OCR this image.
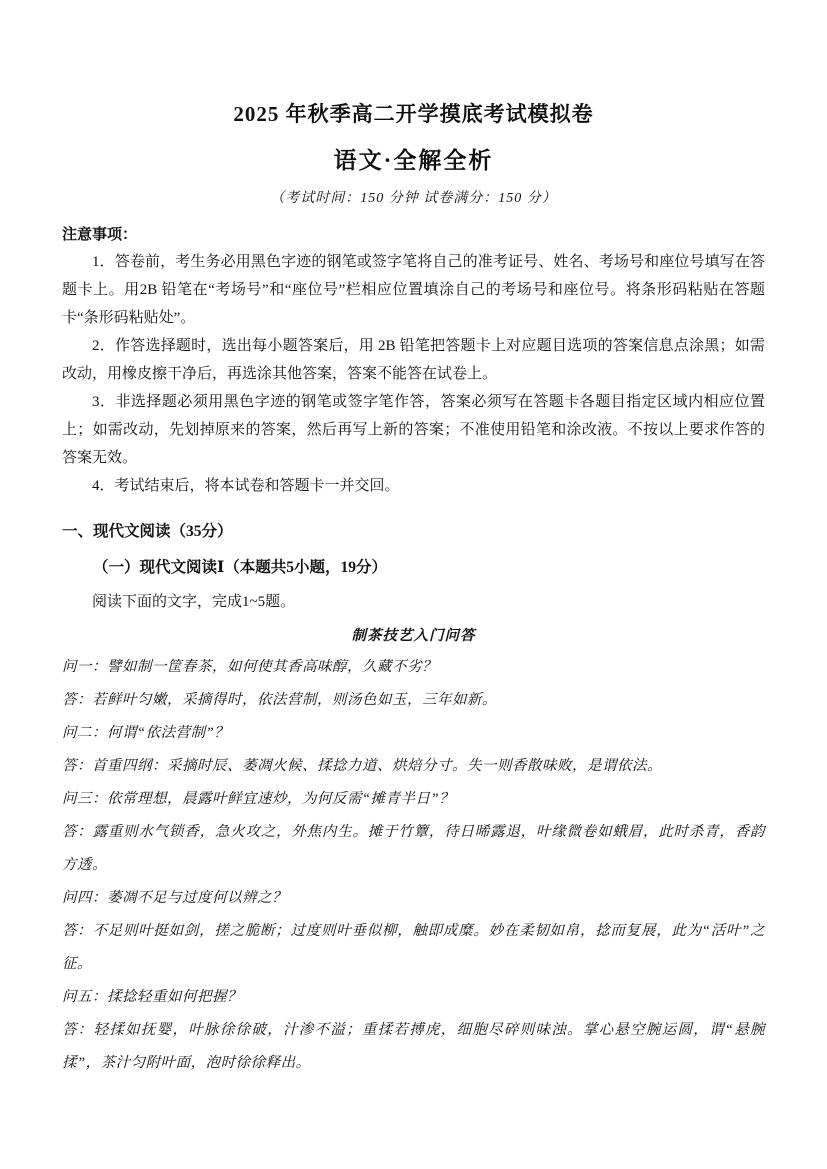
2025 年秋季高二开学摸底考试模拟卷
语文·全解全析

（考试时间：150 分钟 试卷满分：150 分）

注意事项：

1．答卷前，考生务必用黑色字迹的钢笔或签字笔将自己的准考证号、姓名、考场号和座位号填写在答题卡上。用2B 铅笔在“考场号”和“座位号”栏相应位置填涂自己的考场号和座位号。将条形码粘贴在答题卡“条形码粘贴处”。

2．作答选择题时，选出每小题答案后，用 2B 铅笔把答题卡上对应题目选项的答案信息点涂黑；如需改动，用橡皮擦干净后，再选涂其他答案，答案不能答在试卷上。

3．非选择题必须用黑色字迹的钢笔或签字笔作答，答案必须写在答题卡各题目指定区域内相应位置上；如需改动，先划掉原来的答案，然后再写上新的答案；不准使用铅笔和涂改液。不按以上要求作答的答案无效。

4．考试结束后，将本试卷和答题卡一并交回。

一、现代文阅读（35分）

（一）现代文阅读Ⅰ（本题共5小题，19分）

阅读下面的文字，完成1~5题。

制茶技艺入门问答

问一：譬如制一筐春茶，如何使其香高味醇，久藏不劣？

答：若鲜叶匀嫩，采摘得时，依法营制，则汤色如玉，三年如新。

问二：何谓“依法营制”？

答：首重四纲：采摘时辰、萎凋火候、揉捻力道、烘焙分寸。失一则香散味败，是谓依法。

问三：依常理想，晨露叶鲜宜速炒，为何反需“摊青半日”？

答：露重则水气锁香，急火攻之，外焦内生。摊于竹簟，待日晞露退，叶缘微卷如蛾眉，此时杀青，香韵方透。

问四：萎凋不足与过度何以辨之？

答：不足则叶挺如剑，搓之脆断；过度则叶垂似柳，触即成糜。妙在柔韧如帛，捻而复展，此为“活叶”之征。

问五：揉捻轻重如何把握？

答：轻揉如抚婴，叶脉徐徐破，汁渗不溢；重揉若搏虎，细胞尽碎则味浊。掌心悬空腕运圆，谓“悬腕揉”，茶汁匀附叶面，泡时徐徐释出。
